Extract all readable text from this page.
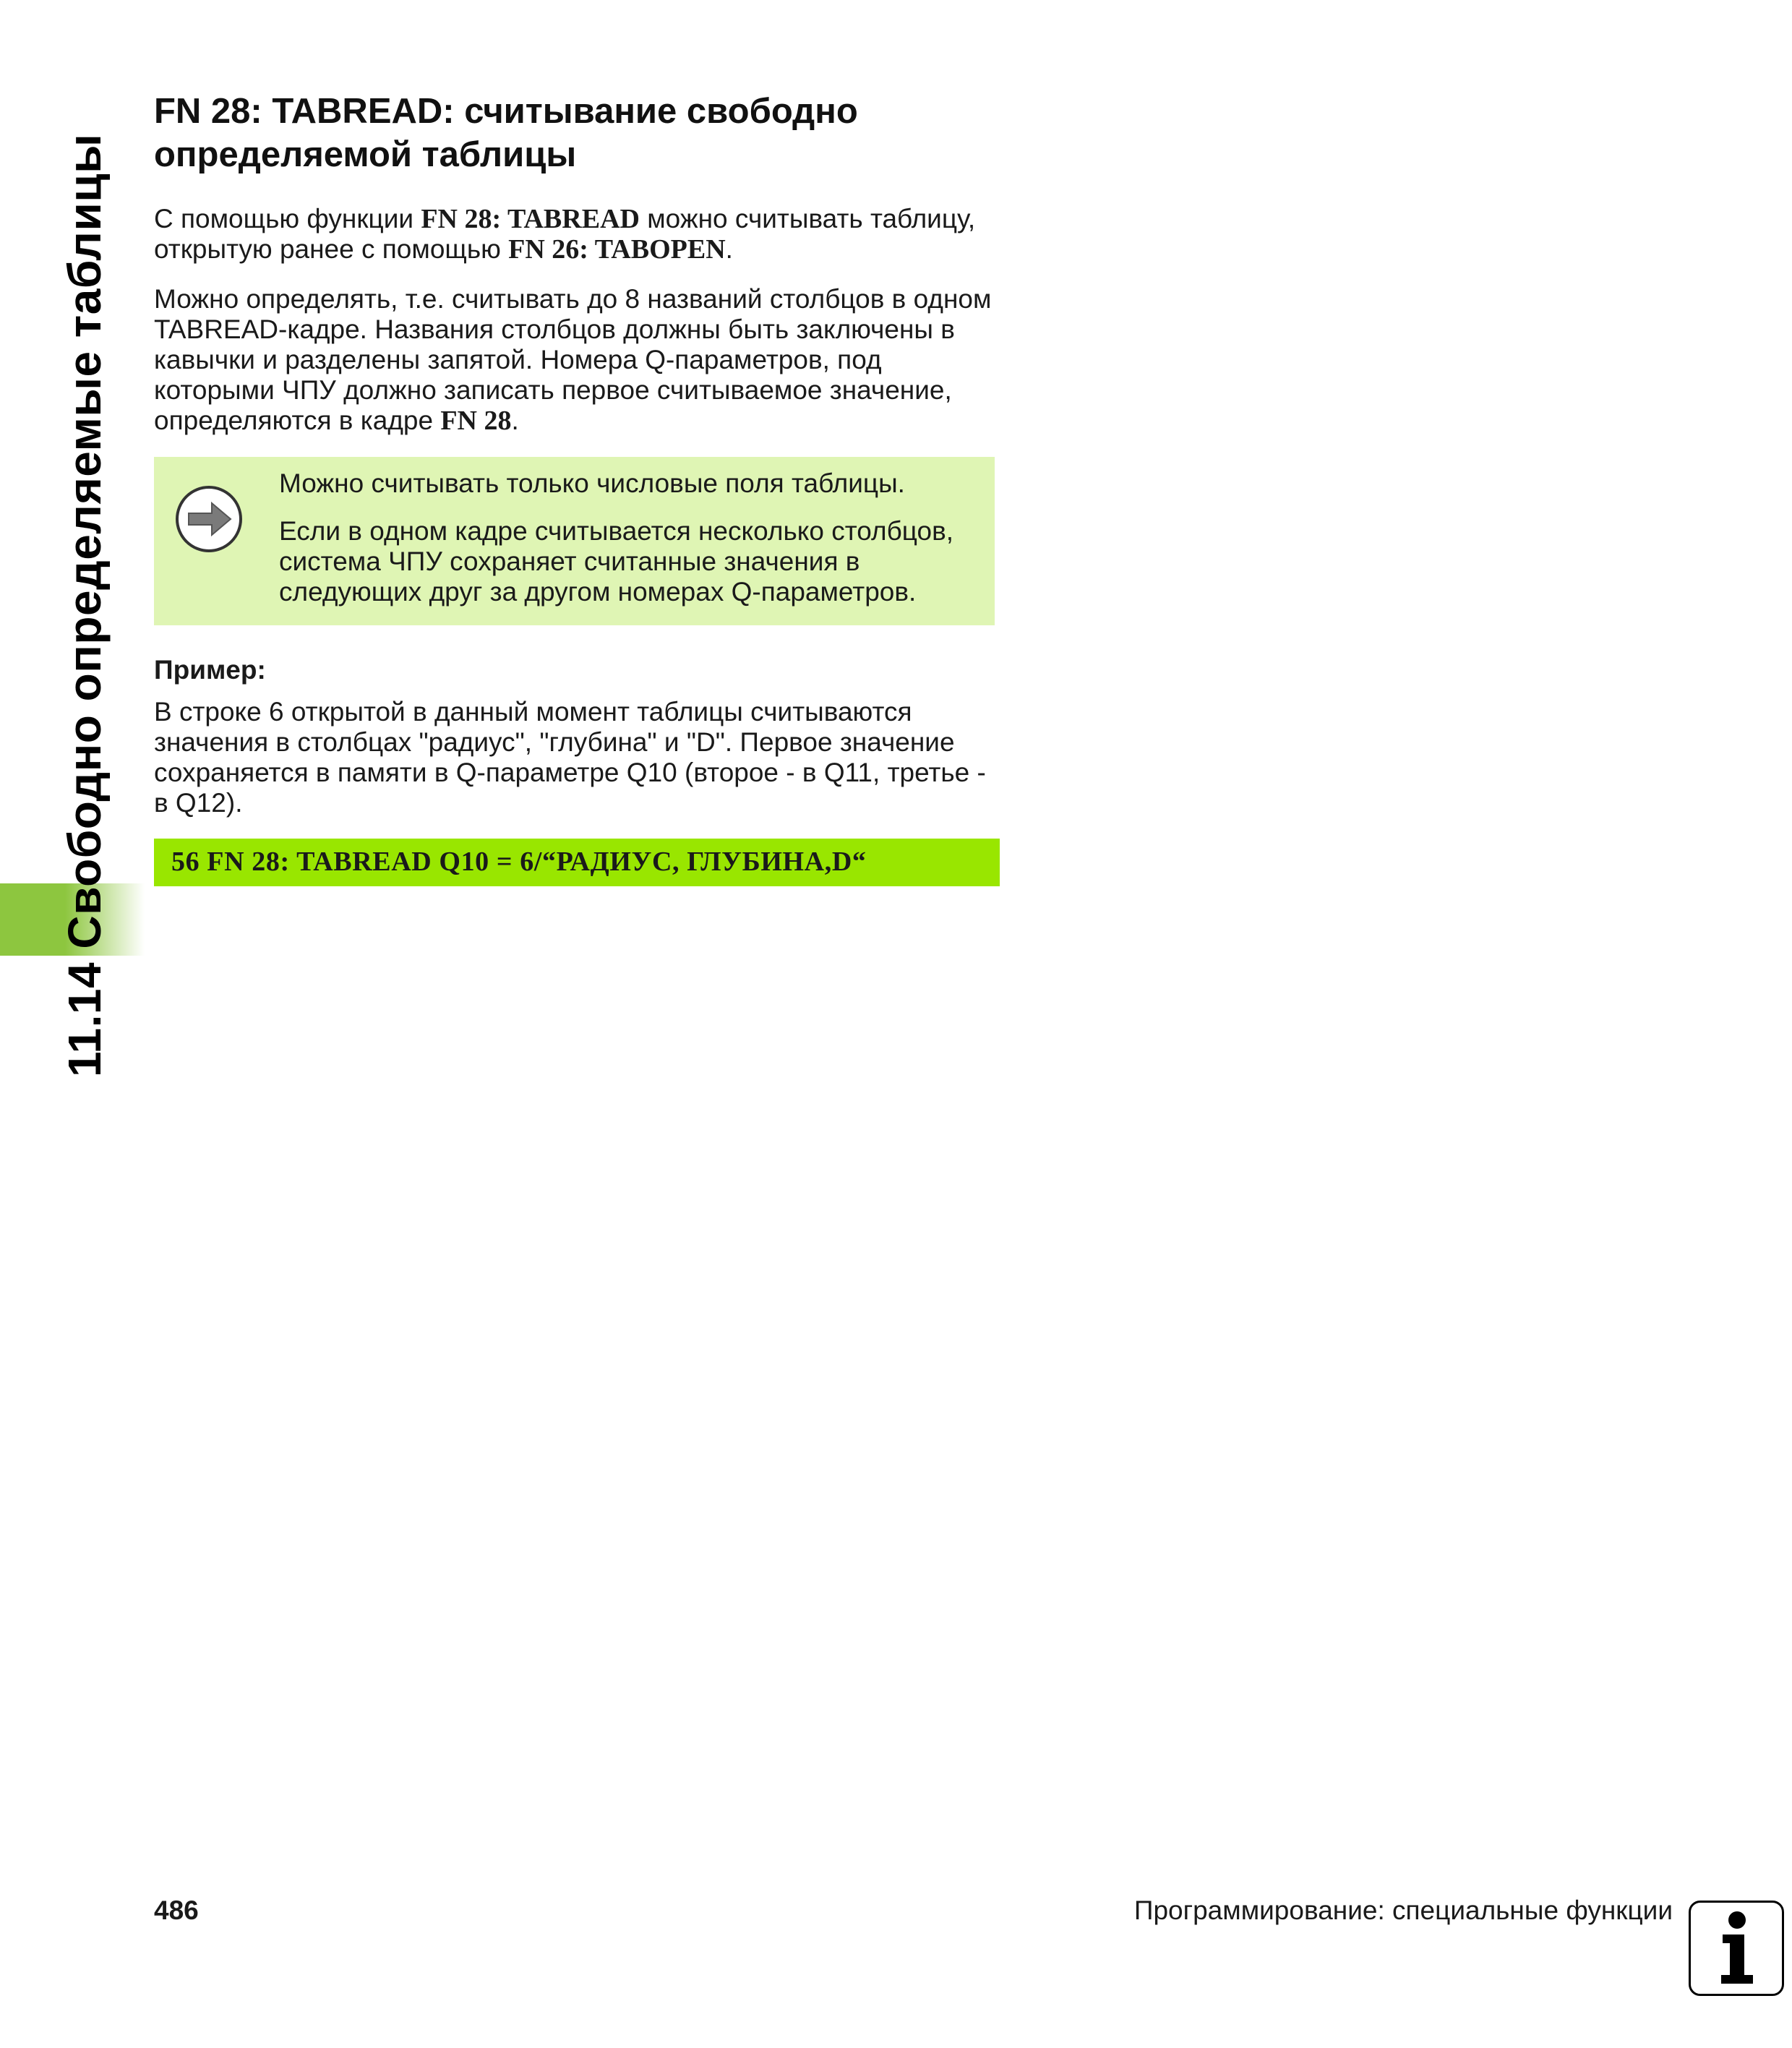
11.14 Свободно определяемые таблицы
FN 28: TABREAD: считывание свободно
определяемой таблицы

С помощью функции FN 28: TABREAD можно считывать таблицу, открытую ранее с помощью FN 26: TABOPEN.

Можно определять, т.е. считывать до 8 названий столбцов в одном TABREAD-кадре. Названия столбцов должны быть заключены в кавычки и разделены запятой. Номера Q-параметров, под которыми ЧПУ должно записать первое считываемое значение, определяются в кадре FN 28.

Можно считывать только числовые поля таблицы.

Если в одном кадре считывается несколько столбцов, система ЧПУ сохраняет считанные значения в следующих друг за другом номерах Q-параметров.

Пример:

В строке 6 открытой в данный момент таблицы считываются значения в столбцах "радиус", "глубина" и "D". Первое значение сохраняется в памяти в Q-параметре Q10 (второе - в Q11, третье - в Q12).

56 FN 28: TABREAD Q10 = 6/“РАДИУС, ГЛУБИНА,D“
486	Программирование: специальные функции
